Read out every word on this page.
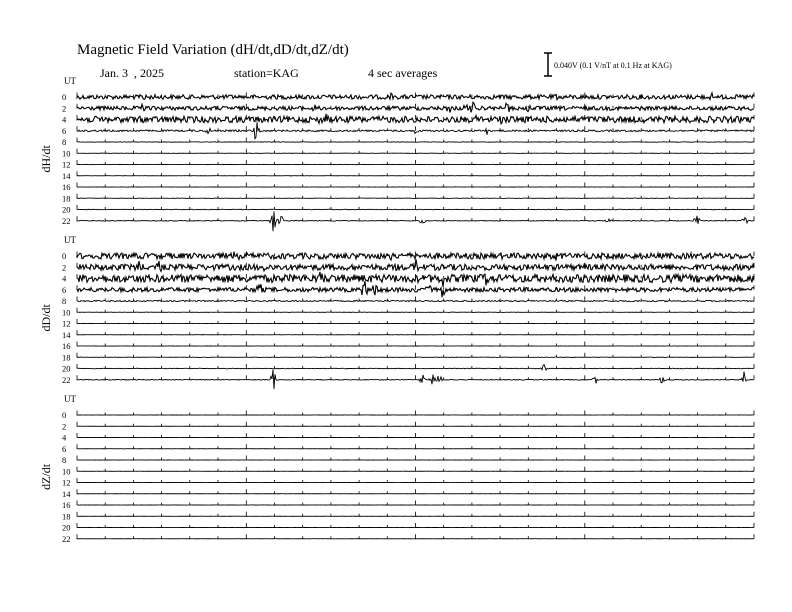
Magnetic Field Variation (dH/dt,dD/dt,dZ/dt)
Jan. 3  , 2025	station=KAG	4 sec averages
0.040V (0.1 V/nT at 0.1 Hz at KAG)
UT
dH/dt
0
2
4
6
8
10
12
14
16
18
20
22
UT
dD/dt
0
2
4
6
8
10
12
14
16
18
20
22
UT
dZ/dt
0
2
4
6
8
10
12
14
16
18
20
22
